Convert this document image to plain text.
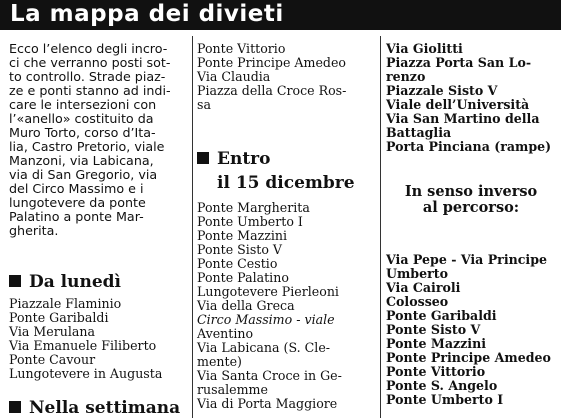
La mappa dei divieti
Ecco l’elenco degli incro-
ci che verranno posti sot-
to controllo. Strade piaz-
ze e ponti stanno ad indi-
care le intersezioni con
l’«anello» costituito da
Muro Torto, corso d’Ita-
lia, Castro Pretorio, viale
Manzoni, via Labicana,
via di San Gregorio, via
del Circo Massimo e i
lungotevere da ponte
Palatino a ponte Mar-
gherita.
Da lunedì
Piazzale Flaminio
Ponte Garibaldi
Via Merulana
Via Emanuele Filiberto
Ponte Cavour
Lungotevere in Augusta
Nella settimana
Ponte Vittorio
Ponte Principe Amedeo
Via Claudia
Piazza della Croce Ros-
sa
Entro
il 15 dicembre
Ponte Margherita
Ponte Umberto I
Ponte Mazzini
Ponte Sisto V
Ponte Cestio
Ponte Palatino
Lungotevere Pierleoni
Via della Greca
Circo Massimo - viale
Aventino
Via Labicana (S. Cle-
mente)
Via Santa Croce in Ge-
rusalemme
Via di Porta Maggiore
Via Giolitti
Piazza Porta San Lo-
renzo
Piazzale Sisto V
Viale dell’Università
Via San Martino della
Battaglia
Porta Pinciana (rampe)
In senso inverso
al percorso:
Via Pepe - Via Principe
Umberto
Via Cairoli
Colosseo
Ponte Garibaldi
Ponte Sisto V
Ponte Mazzini
Ponte Principe Amedeo
Ponte Vittorio
Ponte S. Angelo
Ponte Umberto I
